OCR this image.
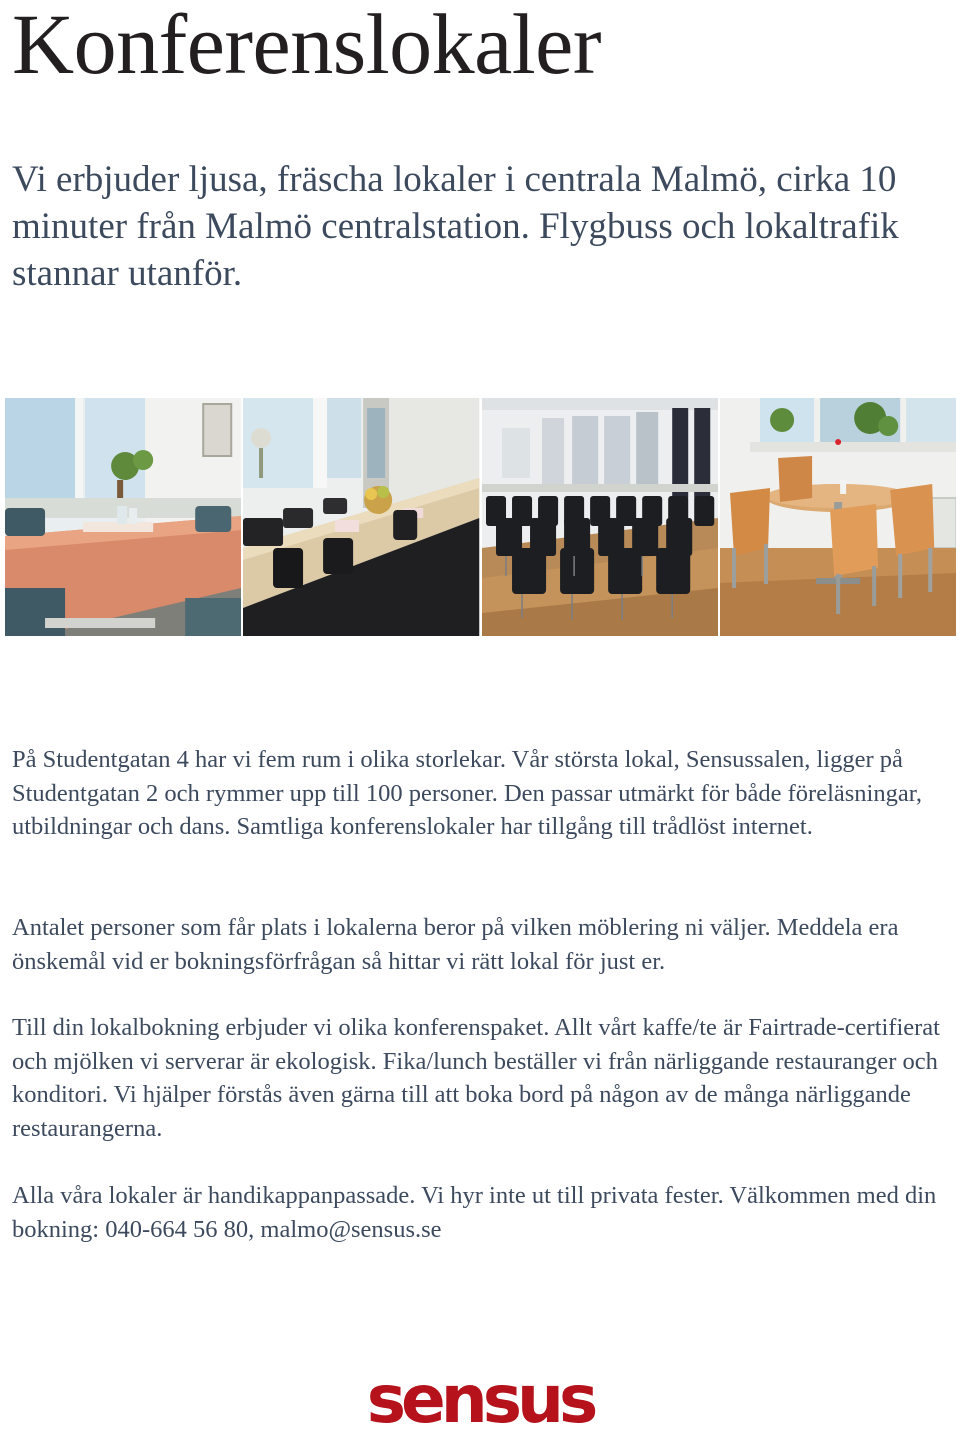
Konferenslokaler

Vi erbjuder ljusa, fräscha lokaler i centrala Malmö, cirka 10 minuter från Malmö centralstation. Flygbuss och lokaltrafik stannar utanför.

På Studentgatan 4 har vi fem rum i olika storlekar. Vår största lokal, Sensussalen, ligger på Studentgatan 2 och rymmer upp till 100 personer. Den passar utmärkt för både föreläsningar, utbildningar och dans. Samtliga konferenslokaler har tillgång till trådlöst internet.

Antalet personer som får plats i lokalerna beror på vilken möblering ni väljer. Meddela era önskemål vid er bokningsförfrågan så hittar vi rätt lokal för just er.

Till din lokalbokning erbjuder vi olika konferenspaket. Allt vårt kaffe/te är Fairtrade-certifierat och mjölken vi serverar är ekologisk. Fika/lunch beställer vi från närliggande restauranger och konditori. Vi hjälper förstås även gärna till att boka bord på någon av de många närliggande restaurangerna.

Alla våra lokaler är handikappanpassade. Vi hyr inte ut till privata fester. Välkommen med din bokning: 040-664 56 80, malmo@sensus.se

sensus
